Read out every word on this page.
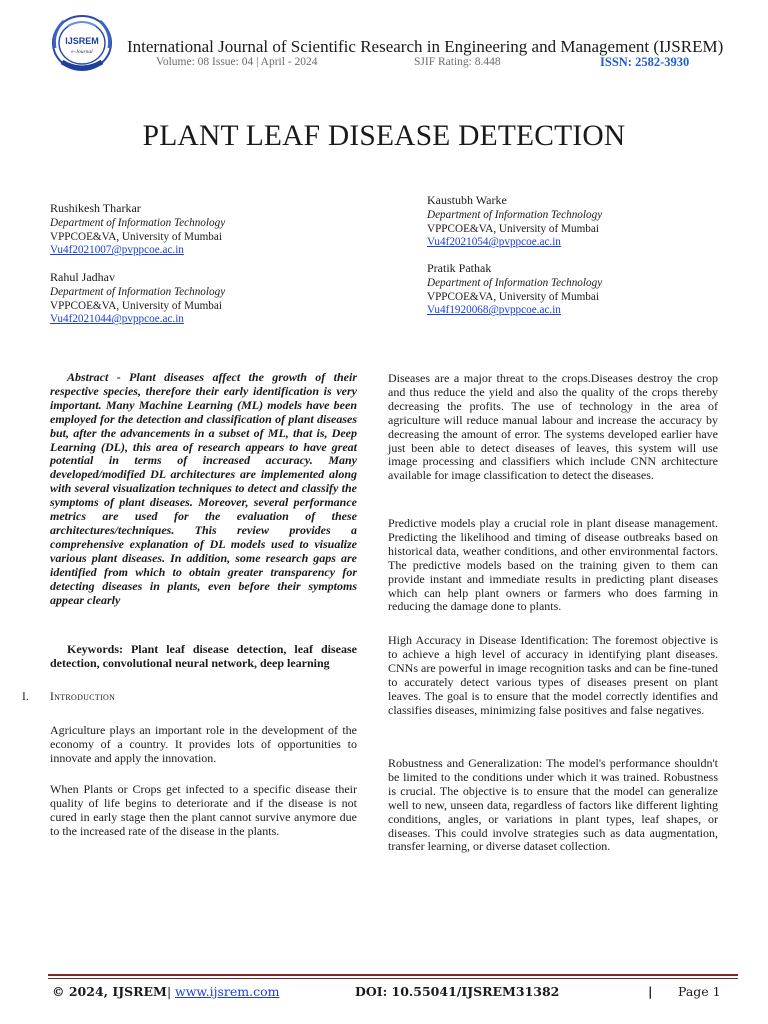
IJSREM
e-Journal International Journal of Scientific Research in Engineering and Management (IJSREM)
Volume: 08 Issue: 04 | April - 2024	SJIF Rating: 8.448	ISSN: 2582-3930
PLANT LEAF DISEASE DETECTION
Rushikesh Tharkar
Department of Information Technology
VPPCOE&VA, University of Mumbai
Vu4f2021007@pvppcoe.ac.in
Rahul Jadhav
Department of Information Technology
VPPCOE&VA, University of Mumbai
Vu4f2021044@pvppcoe.ac.in
Kaustubh Warke
Department of Information Technology
VPPCOE&VA, University of Mumbai
Vu4f2021054@pvppcoe.ac.in
Pratik Pathak
Department of Information Technology
VPPCOE&VA, University of Mumbai
Vu4f1920068@pvppcoe.ac.in
Abstract - Plant diseases affect the growth of their respective species, therefore their early identification is very important. Many Machine Learning (ML) models have been employed for the detection and classification of plant diseases but, after the advancements in a subset of ML, that is, Deep Learning (DL), this area of research appears to have great potential in terms of increased accuracy. Many developed/modified DL architectures are implemented along with several visualization techniques to detect and classify the symptoms of plant diseases. Moreover, several performance metrics are used for the evaluation of these architectures/techniques. This review provides a comprehensive explanation of DL models used to visualize various plant diseases. In addition, some research gaps are identified from which to obtain greater transparency for detecting diseases in plants, even before their symptoms appear clearly
Keywords: Plant leaf disease detection, leaf disease detection, convolutional neural network, deep learning
I. Introduction
Agriculture plays an important role in the development of the economy of a country. It provides lots of opportunities to innovate and apply the innovation.
When Plants or Crops get infected to a specific disease their quality of life begins to deteriorate and if the disease is not cured in early stage then the plant cannot survive anymore due to the increased rate of the disease in the plants.
Diseases are a major threat to the crops.Diseases destroy the crop and thus reduce the yield and also the quality of the crops thereby decreasing the profits. The use of technology in the area of agriculture will reduce manual labour and increase the accuracy by decreasing the amount of error. The systems developed earlier have just been able to detect diseases of leaves, this system will use image processing and classifiers which include CNN architecture available for image classification to detect the diseases.
Predictive models play a crucial role in plant disease management. Predicting the likelihood and timing of disease outbreaks based on historical data, weather conditions, and other environmental factors. The predictive models based on the training given to them can provide instant and immediate results in predicting plant diseases which can help plant owners or farmers who does farming in reducing the damage done to plants.
High Accuracy in Disease Identification: The foremost objective is to achieve a high level of accuracy in identifying plant diseases. CNNs are powerful in image recognition tasks and can be fine-tuned to accurately detect various types of diseases present on plant leaves. The goal is to ensure that the model correctly identifies and classifies diseases, minimizing false positives and false negatives.
Robustness and Generalization: The model's performance shouldn't be limited to the conditions under which it was trained. Robustness is crucial. The objective is to ensure that the model can generalize well to new, unseen data, regardless of factors like different lighting conditions, angles, or variations in plant types, leaf shapes, or diseases. This could involve strategies such as data augmentation, transfer learning, or diverse dataset collection.
© 2024, IJSREM | www.ijsrem.com	DOI: 10.55041/IJSREM31382	| Page 1
